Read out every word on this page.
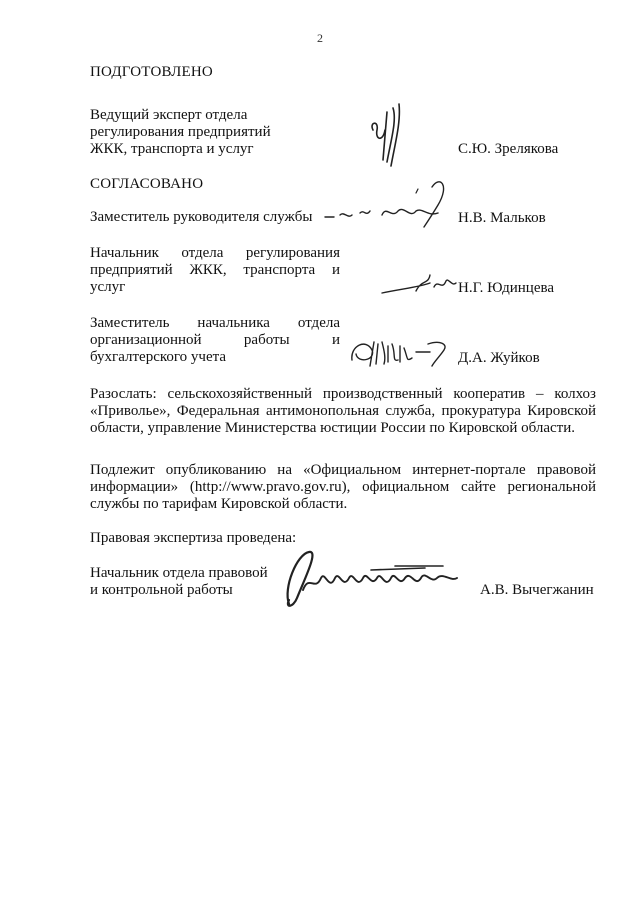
2
ПОДГОТОВЛЕНО
Ведущий эксперт отдела
регулирования предприятий
ЖКК, транспорта и услуг	С.Ю. Зрелякова
СОГЛАСОВАНО
Заместитель руководителя службы	Н.В. Мальков
Начальник отдела регулирования
предприятий ЖКК, транспорта и
услуг	Н.Г. Юдинцева
Заместитель начальника отдела
организационной работы и
бухгалтерского учета	Д.А. Жуйков
Разослать: сельскохозяйственный производственный кооператив – колхоз «Приволье», Федеральная антимонопольная служба, прокуратура Кировской области, управление Министерства юстиции России по Кировской области.
Подлежит опубликованию на «Официальном интернет-портале правовой информации» (http://www.pravo.gov.ru), официальном сайте региональной службы по тарифам Кировской области.
Правовая экспертиза проведена:
Начальник отдела правовой
и контрольной работы	А.В. Вычегжанин
